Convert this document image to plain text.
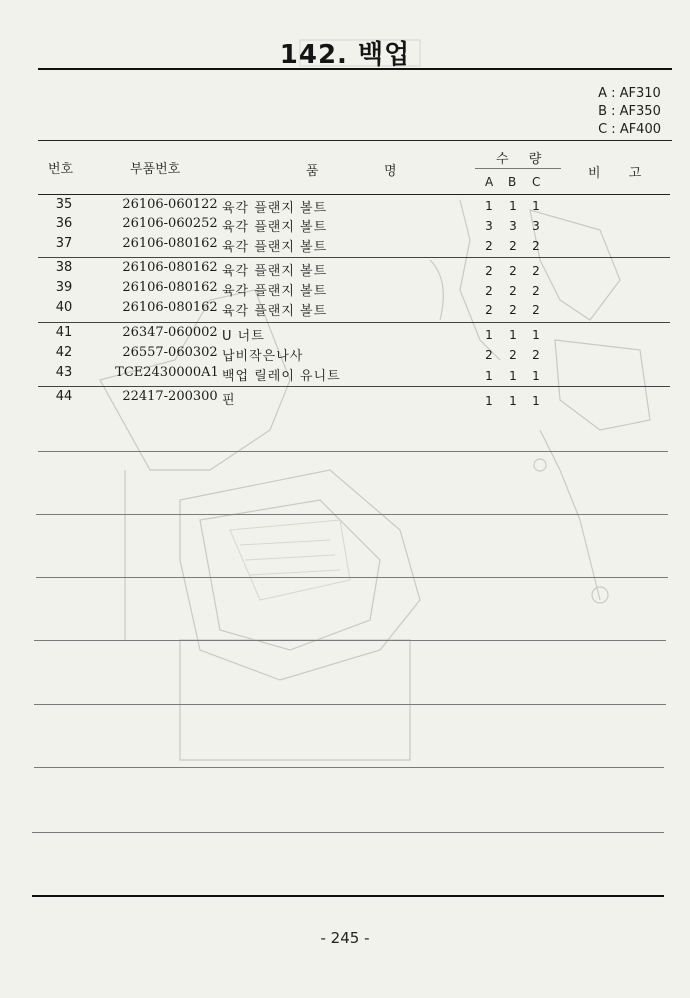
142. 백업
A : AF310
B : AF350
C : AF400
번호	부품번호	품	명
수 량
A B C
비 고
35	26106-060122 육각 플랜지 볼트	1 1 1
36	26106-060252 육각 플랜지 볼트	3 3 3
37	26106-080162 육각 플랜지 볼트	2 2 2
38	26106-080162 육각 플랜지 볼트	2 2 2
39	26106-080162 육각 플랜지 볼트	2 2 2
40	26106-080162 육각 플랜지 볼트	2 2 2
41	26347-060002 U 너트	1 1 1
42	26557-060302 납비작은나사	2 2 2
43	TCE2430000A1 백업 릴레이 유니트	1 1 1
44	22417-200300 핀	1 1 1
- 245 -
